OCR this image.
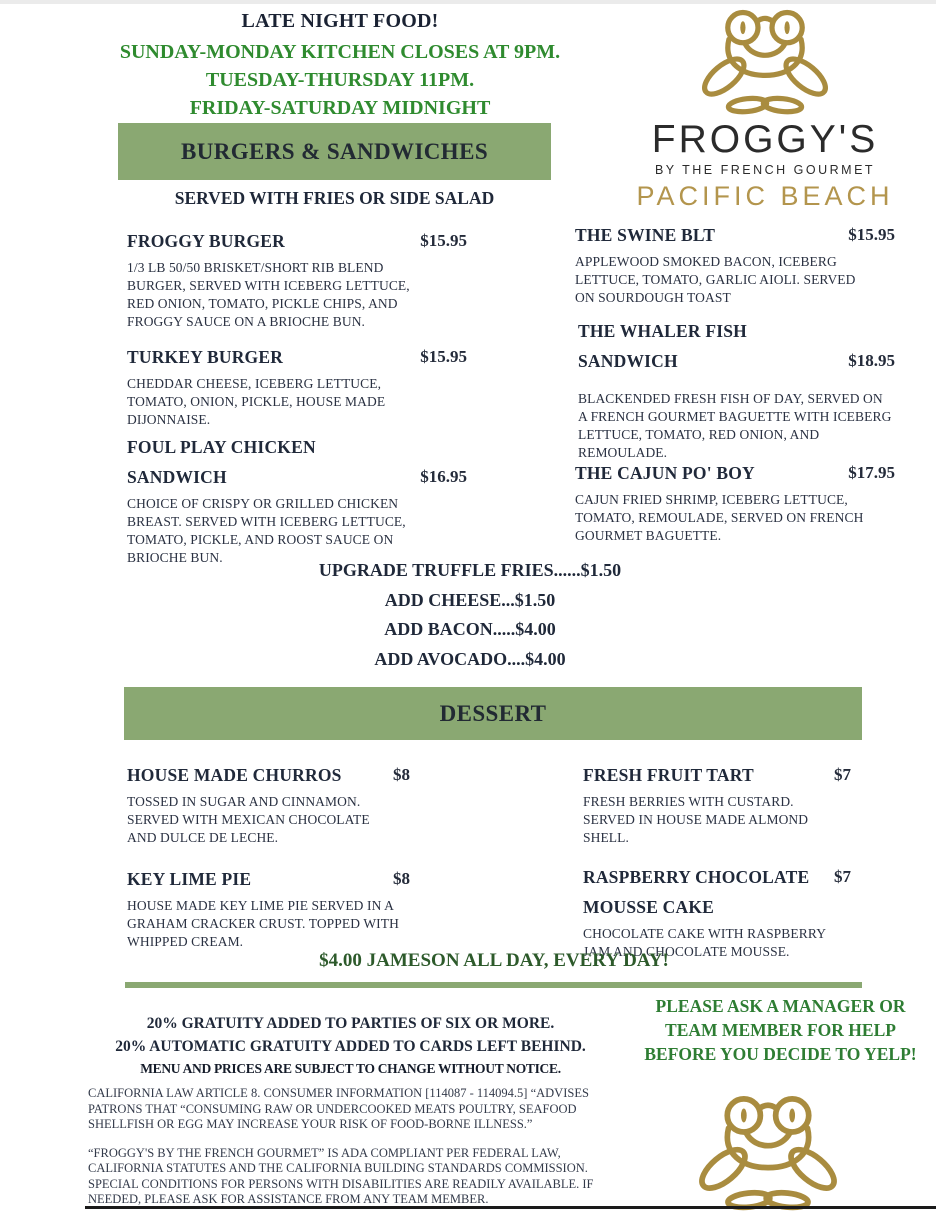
LATE NIGHT FOOD!
SUNDAY-MONDAY KITCHEN CLOSES AT 9PM.
TUESDAY-THURSDAY 11PM.
FRIDAY-SATURDAY MIDNIGHT
FROGGY'S
BY THE FRENCH GOURMET
PACIFIC BEACH
BURGERS & SANDWICHES
SERVED WITH FRIES OR SIDE SALAD
FROGGY BURGER	$15.95
1/3 LB 50/50 BRISKET/SHORT RIB BLEND BURGER, SERVED WITH ICEBERG LETTUCE, RED ONION, TOMATO, PICKLE CHIPS, AND FROGGY SAUCE ON A BRIOCHE BUN.
TURKEY BURGER	$15.95
CHEDDAR CHEESE, ICEBERG LETTUCE, TOMATO, ONION, PICKLE, HOUSE MADE DIJONNAISE.
FOUL PLAY CHICKEN SANDWICH	$16.95
CHOICE OF CRISPY OR GRILLED CHICKEN BREAST. SERVED WITH ICEBERG LETTUCE, TOMATO, PICKLE, AND ROOST SAUCE ON BRIOCHE BUN.
THE SWINE BLT	$15.95
APPLEWOOD SMOKED BACON, ICEBERG LETTUCE, TOMATO, GARLIC AIOLI. SERVED ON SOURDOUGH TOAST
THE WHALER FISH SANDWICH	$18.95
BLACKENDED FRESH FISH OF DAY, SERVED ON A FRENCH GOURMET BAGUETTE WITH ICEBERG LETTUCE, TOMATO, RED ONION, AND REMOULADE.
THE CAJUN PO' BOY	$17.95
CAJUN FRIED SHRIMP, ICEBERG LETTUCE, TOMATO, REMOULADE, SERVED ON FRENCH GOURMET BAGUETTE.
UPGRADE TRUFFLE FRIES......$1.50
ADD CHEESE...$1.50
ADD BACON.....$4.00
ADD AVOCADO....$4.00
DESSERT
HOUSE MADE CHURROS	$8
TOSSED IN SUGAR AND CINNAMON. SERVED WITH MEXICAN CHOCOLATE AND DULCE DE LECHE.
KEY LIME PIE	$8
HOUSE MADE KEY LIME PIE SERVED IN A GRAHAM CRACKER CRUST. TOPPED WITH WHIPPED CREAM.
FRESH FRUIT TART	$7
FRESH BERRIES WITH CUSTARD. SERVED IN HOUSE MADE ALMOND SHELL.
RASPBERRY CHOCOLATE MOUSSE CAKE
$7
CHOCOLATE CAKE WITH RASPBERRY JAM AND CHOCOLATE MOUSSE.
$4.00 JAMESON ALL DAY, EVERY DAY!
20% GRATUITY ADDED TO PARTIES OF SIX OR MORE.
20% AUTOMATIC GRATUITY ADDED TO CARDS LEFT BEHIND.
MENU AND PRICES ARE SUBJECT TO CHANGE WITHOUT NOTICE.
CALIFORNIA LAW ARTICLE 8. CONSUMER INFORMATION [114087 - 114094.5] “ADVISES PATRONS THAT “CONSUMING RAW OR UNDERCOOKED MEATS POULTRY, SEAFOOD SHELLFISH OR EGG MAY INCREASE YOUR RISK OF FOOD-BORNE ILLNESS.”
“FROGGY'S BY THE FRENCH GOURMET” IS ADA COMPLIANT PER FEDERAL LAW, CALIFORNIA STATUTES AND THE CALIFORNIA BUILDING STANDARDS COMMISSION. SPECIAL CONDITIONS FOR PERSONS WITH DISABILITIES ARE READILY AVAILABLE. IF NEEDED, PLEASE ASK FOR ASSISTANCE FROM ANY TEAM MEMBER.
PLEASE ASK A MANAGER OR TEAM MEMBER FOR HELP BEFORE YOU DECIDE TO YELP!
